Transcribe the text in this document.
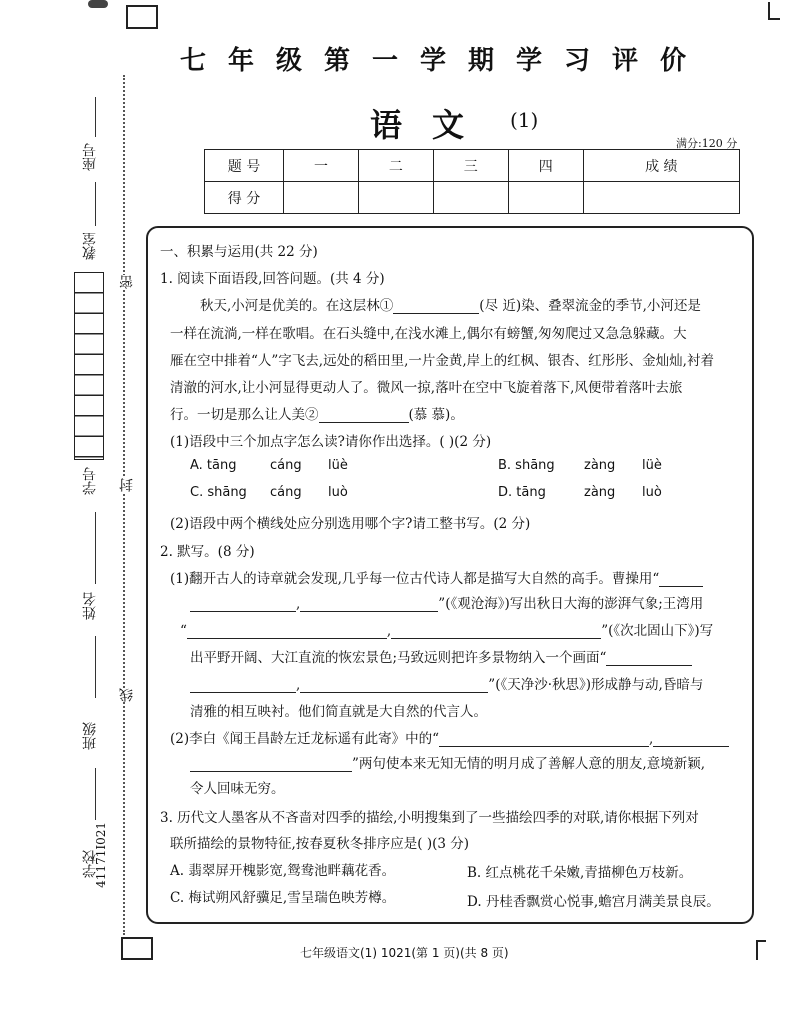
座号
教室
学号
姓名
班级
41171I021
学校
密
封
线
七年级第一学期学习评价
语文 (1)
满分:120 分
题 号	一	二	三	四	成 绩
得 分					
一、积累与运用(共 22 分)
1. 阅读下面语段,回答问题。(共 4 分)
秋天,小河是优美的。在这层林①	(尽 近)染、叠翠流金的季节,小河还是
一样在流淌,一样在歌唱。在石头缝中,在浅水滩上,偶尔有螃蟹,匆匆爬过又急急躲藏。大
雁在空中排着“人”字飞去,远处的稻田里,一片金黄,岸上的红枫、银杏、红彤彤、金灿灿,衬着
清澈的河水,让小河显得更动人了。微风一掠,落叶在空中飞旋着落下,风便带着落叶去旅
行。一切是那么让人美②	(慕 慕)。
(1)语段中三个加点字怎么读?请你作出选择。( )(2 分)
A. tāng	cáng lüè	B. shāng zàng lüè
C. shāng cáng luò	D. tāng	zàng luò
(2)语段中两个横线处应分别选用哪个字?请工整书写。(2 分)
2. 默写。(8 分)
(1)翻开古人的诗章就会发现,几乎每一位古代诗人都是描写大自然的高手。曹操用“
,	”(《观沧海》)写出秋日大海的澎湃气象;王湾用
“	,	”(《次北固山下》)写
出平野开阔、大江直流的恢宏景色;马致远则把许多景物纳入一个画面“
,	”(《天净沙·秋思》)形成静与动,昏暗与
清雅的相互映衬。他们简直就是大自然的代言人。
(2)李白《闻王昌龄左迁龙标遥有此寄》中的“	,
”两句使本来无知无情的明月成了善解人意的朋友,意境新颖,
令人回味无穷。
3. 历代文人墨客从不吝啬对四季的描绘,小明搜集到了一些描绘四季的对联,请你根据下列对
联所描绘的景物特征,按春夏秋冬排序应是( )(3 分)
A. 翡翠屏开槐影宽,鸳鸯池畔藕花香。	B. 红点桃花千朵嫩,青描柳色万枝新。
C. 梅试朔风舒骥足,雪呈瑞色映芳樽。	D. 丹桂香飘赏心悦事,蟾宫月满美景良辰。
七年级语文(1) 1021(第 1 页)(共 8 页)
